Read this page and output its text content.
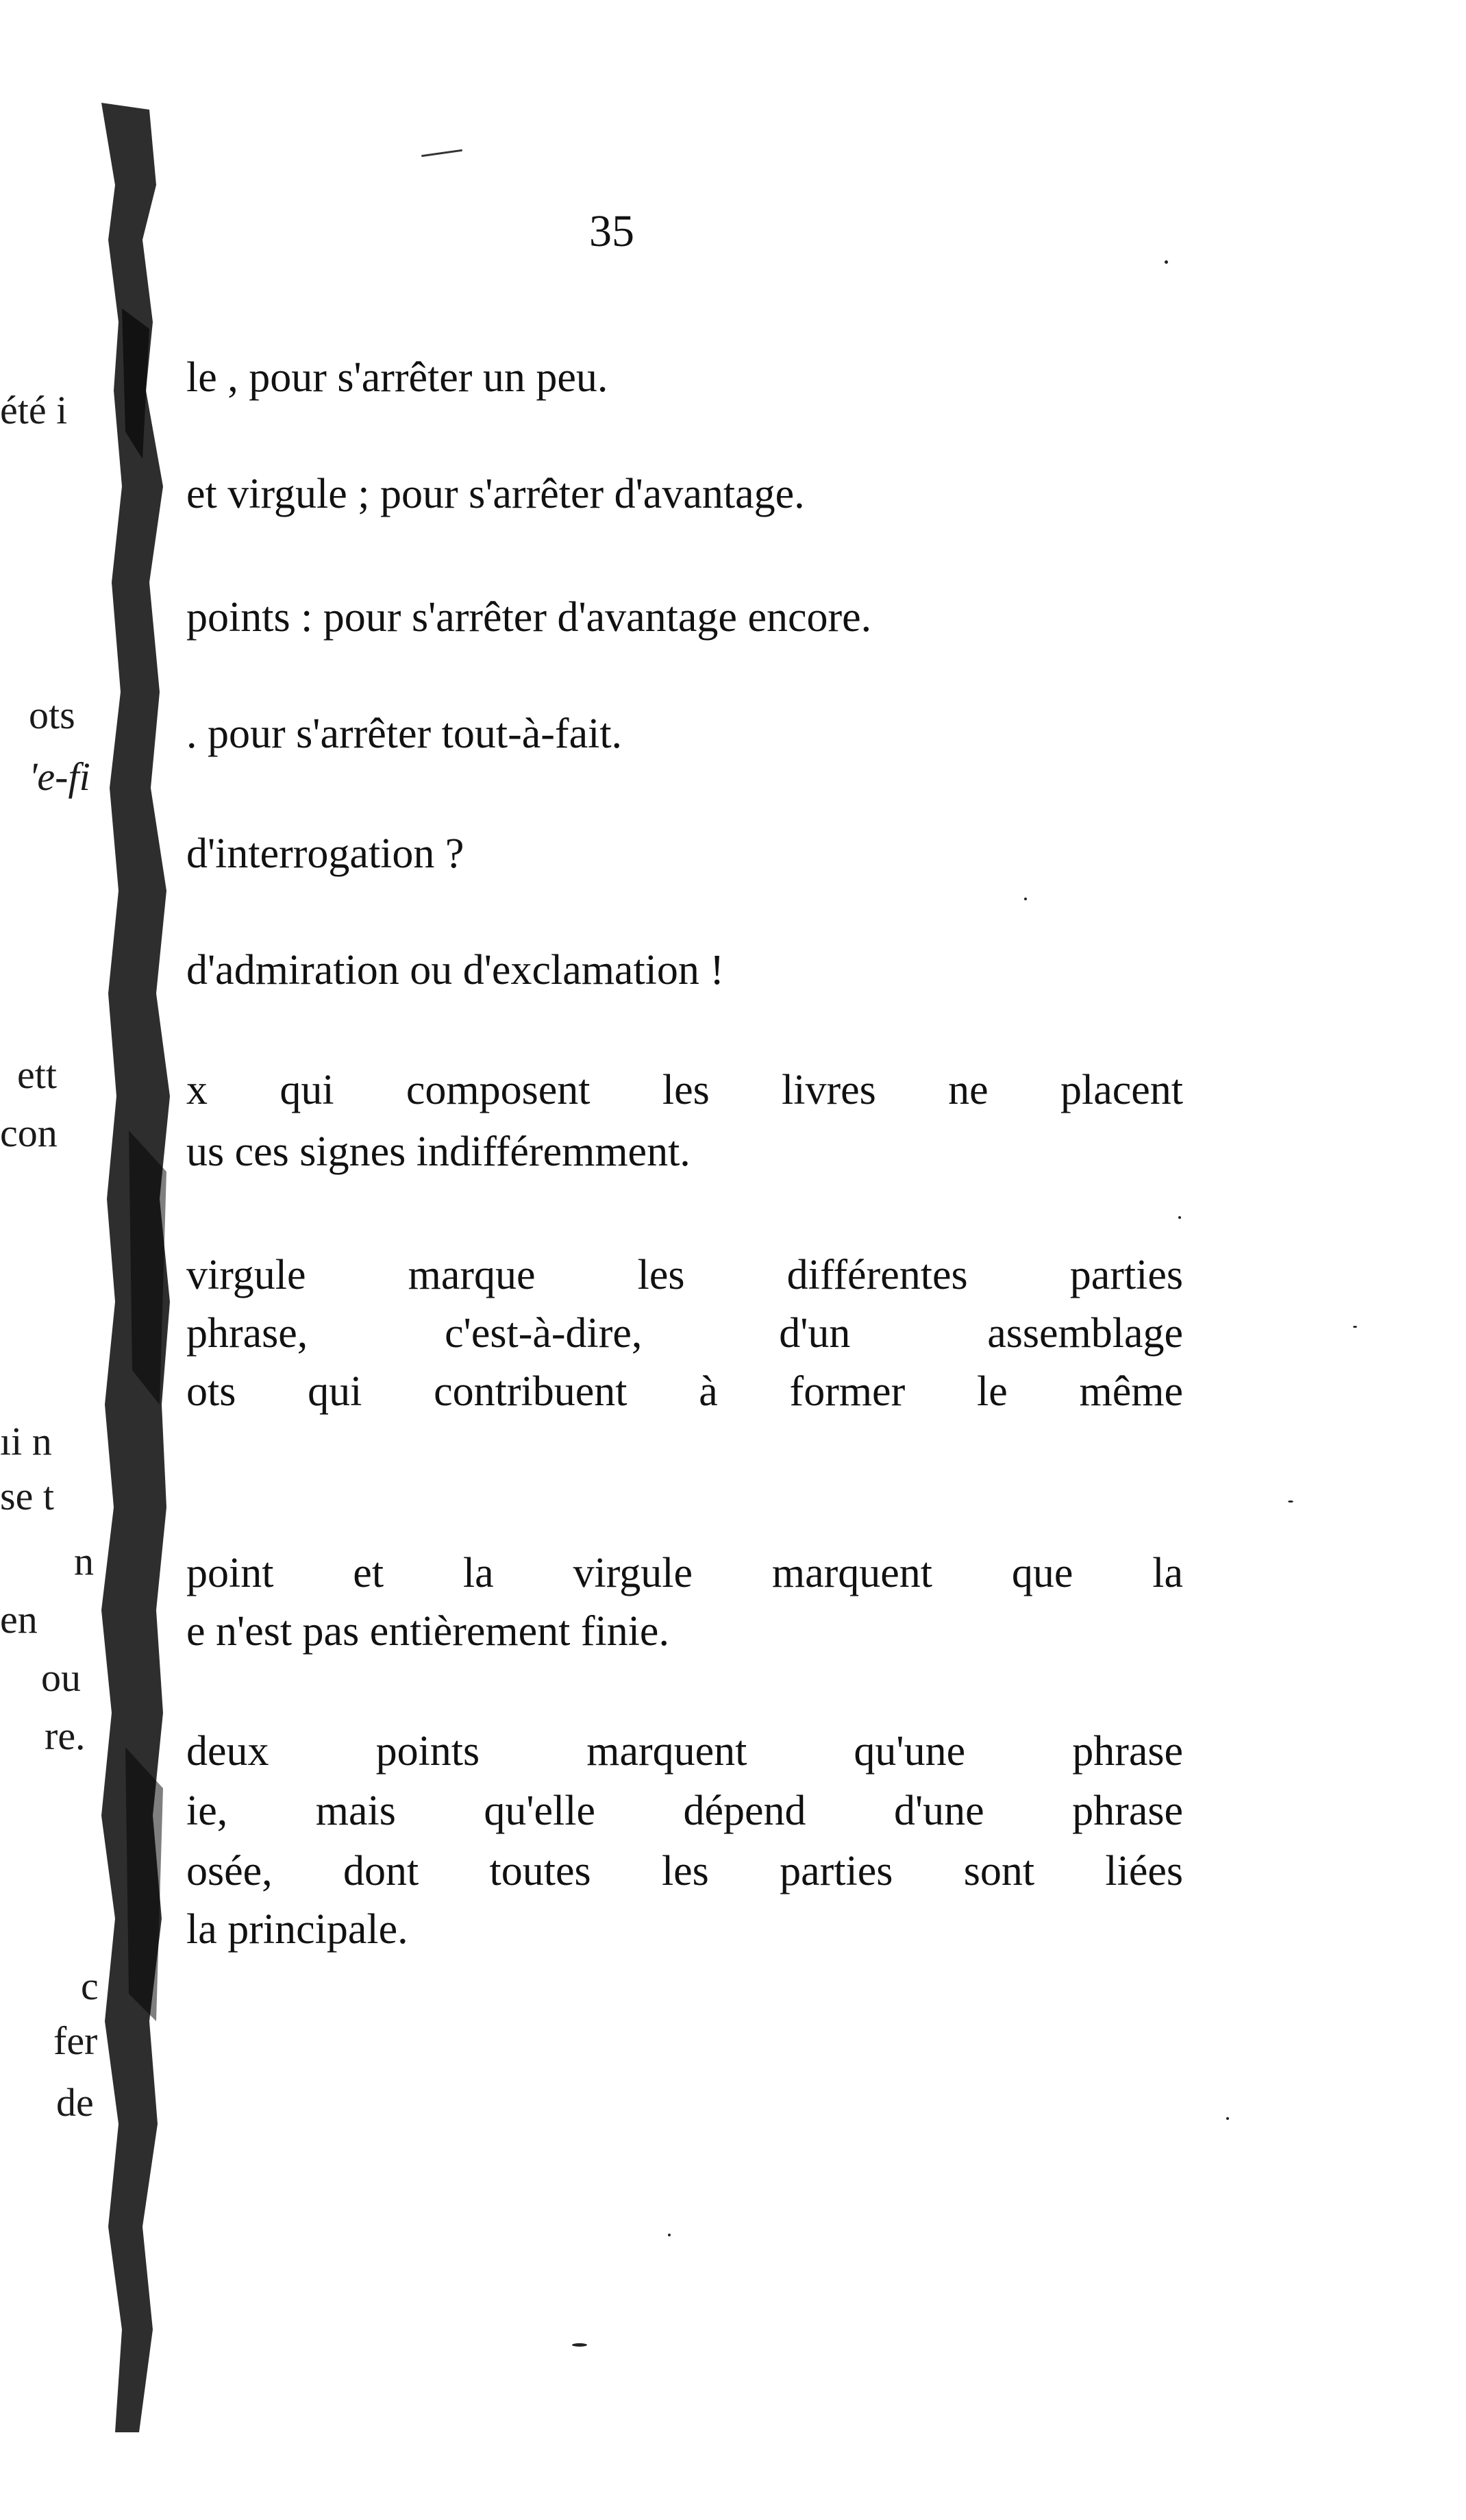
35
le , pour s'arrêter un peu.
et virgule ; pour s'arrêter d'avantage.
points : pour s'arrêter d'avantage encore.
. pour s'arrêter tout-à-fait.
d'interrogation ?
d'admiration ou d'exclamation !
x qui composent les livres ne placent
us ces signes indifféremment.
virgule marque les différentes parties
phrase, c'est-à-dire, d'un assemblage
ots qui contribuent à former le même
point et la virgule marquent que la
e n'est pas entièrement finie.
deux points marquent qu'une phrase
ie, mais qu'elle dépend d'une phrase
osée, dont toutes les parties sont liées
la principale.
été i
ots
'e-fi
ett
con
ıi n
se t
n
en
ou
re.
c
fer
de
